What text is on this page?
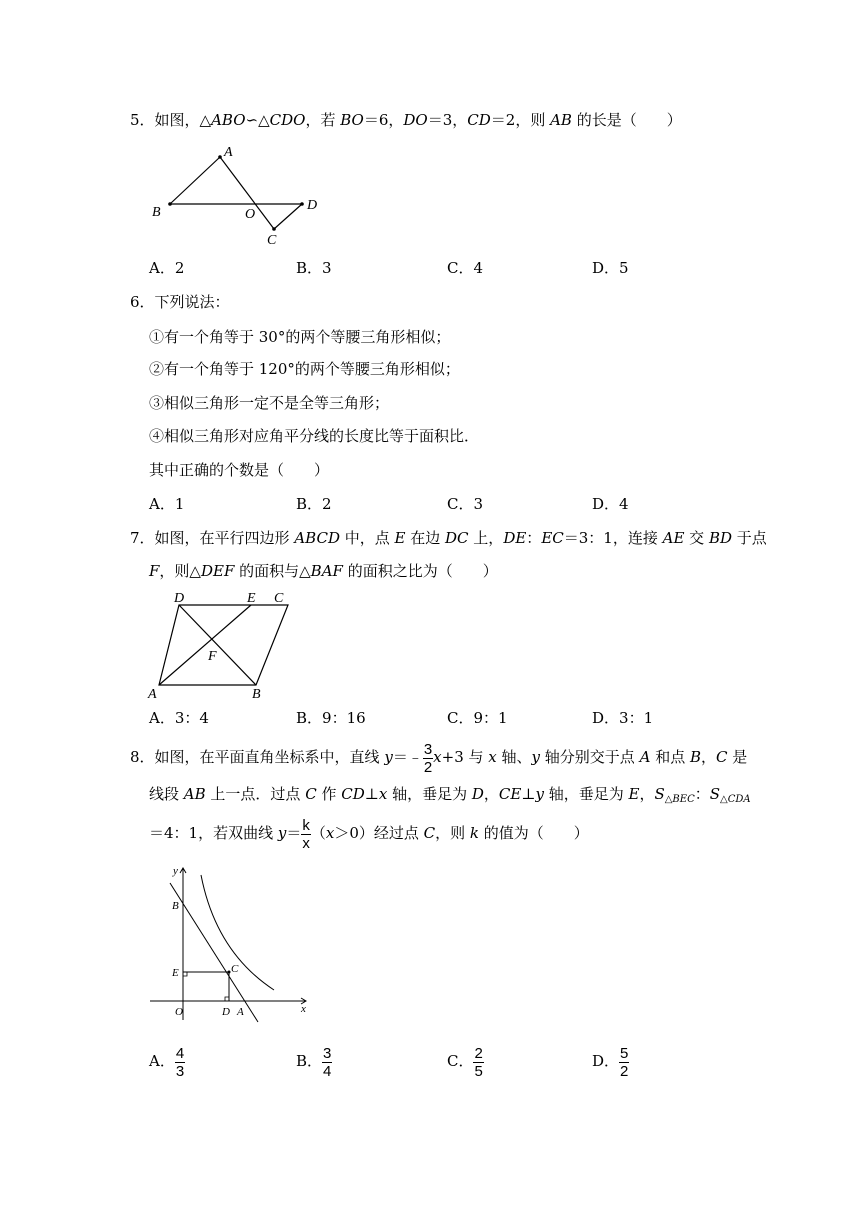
5．如图，△ABO∽△CDO，若 BO＝6，DO＝3，CD＝2，则 AB 的长是（　　）
A
B	O
D
C
A．2	B．3	C．4	D．5
6．下列说法：
①有一个角等于 30°的两个等腰三角形相似；
②有一个角等于 120°的两个等腰三角形相似；
③相似三角形一定不是全等三角形；
④相似三角形对应角平分线的长度比等于面积比．
其中正确的个数是（　　）
A．1	B．2	C．3	D．4
7．如图，在平行四边形 ABCD 中，点 E 在边 DC 上，DE：EC＝3：1，连接 AE 交 BD 于点
F，则△DEF 的面积与△BAF 的面积之比为（　　）
D	E C
F
A	B
A．3：4	B．9：16	C．9：1	D．3：1
8．如图，在平面直角坐标系中，直线 y＝﹣ $\frac{3}{2} x+3$ 与 x 轴、y 轴分别交于点 A 和点 B，C 是
线段 AB 上一点．过点 C 作 CD⊥x 轴，垂足为 D，CE⊥y 轴，垂足为 E，$S_{\triangle BEC}$：$S_{\triangle CDA}$
＝4：1，若双曲线 $y= \frac{k}{x} (x>0)$经过点 C，则 k 的值为（　　）
y
x
B
E	C
O	D A
A． $\frac{4}{3}$	B． $\frac{3}{4}$	C． $\frac{2}{5}$	D． $\frac{5}{2}$
